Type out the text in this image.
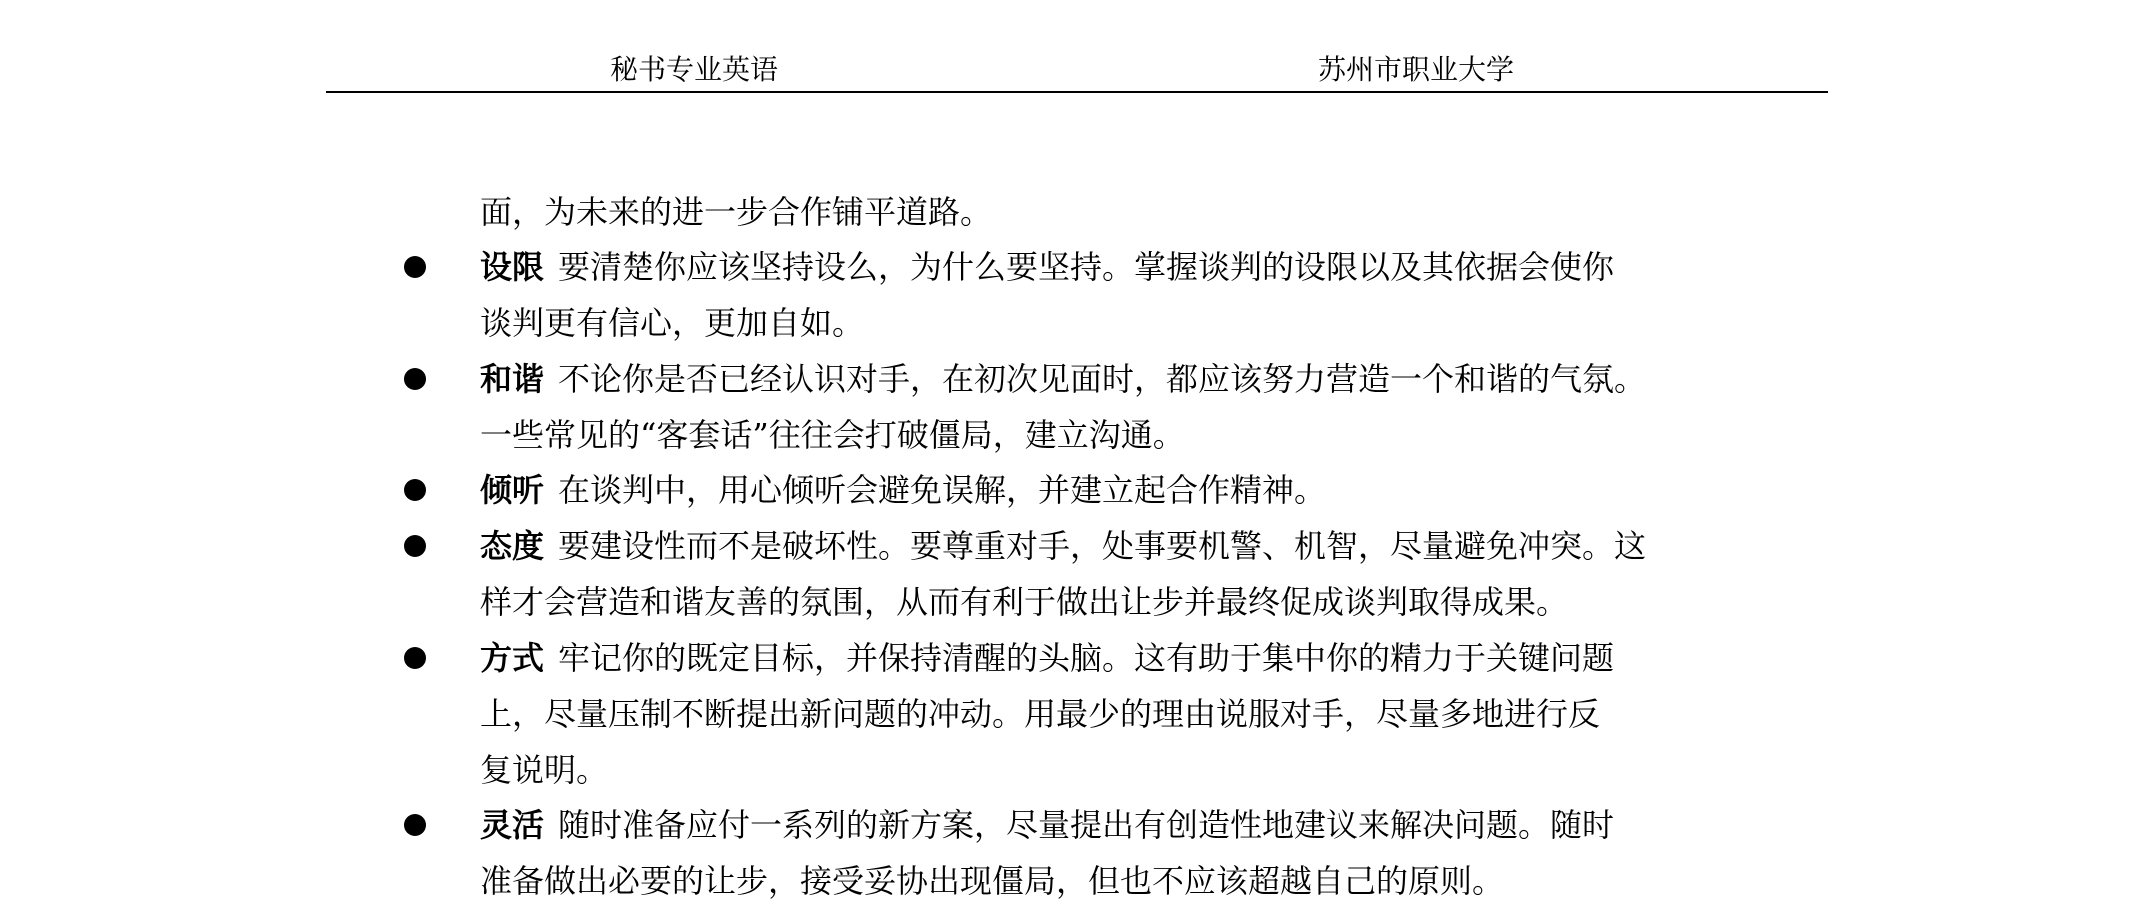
秘书专业英语	苏州市职业大学
面，为未来的进一步合作铺平道路。
设限 要清楚你应该坚持设么，为什么要坚持。掌握谈判的设限以及其依据会使你
谈判更有信心，更加自如。
和谐 不论你是否已经认识对手，在初次见面时，都应该努力营造一个和谐的气氛。
一些常见的“客套话”往往会打破僵局，建立沟通。
倾听 在谈判中，用心倾听会避免误解，并建立起合作精神。
态度 要建设性而不是破坏性。要尊重对手，处事要机警、机智，尽量避免冲突。这
样才会营造和谐友善的氛围，从而有利于做出让步并最终促成谈判取得成果。
方式 牢记你的既定目标，并保持清醒的头脑。这有助于集中你的精力于关键问题
上，尽量压制不断提出新问题的冲动。用最少的理由说服对手，尽量多地进行反
复说明。
灵活 随时准备应付一系列的新方案，尽量提出有创造性地建议来解决问题。随时
准备做出必要的让步，接受妥协出现僵局，但也不应该超越自己的原则。
